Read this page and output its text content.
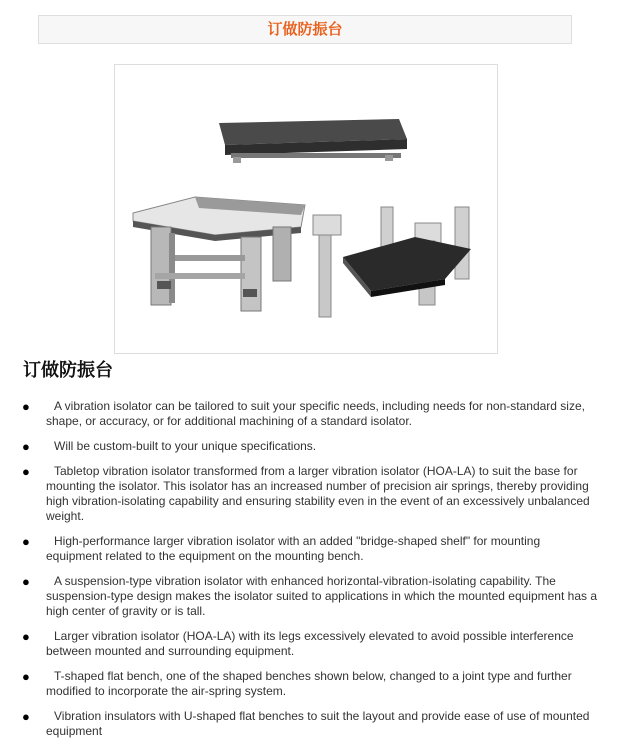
订做防振台
订做防振台
●	A vibration isolator can be tailored to suit your specific needs, including needs for non-standard size, shape, or accuracy, or for additional machining of a standard isolator.
●	Will be custom-built to your unique specifications.
●	Tabletop vibration isolator transformed from a larger vibration isolator (HOA-LA) to suit the base for mounting the isolator. This isolator has an increased number of precision air springs, thereby providing high vibration-isolating capability and ensuring stability even in the event of an excessively unbalanced weight.
●	High-performance larger vibration isolator with an added "bridge-shaped shelf" for mounting equipment related to the equipment on the mounting bench.
●	A suspension-type vibration isolator with enhanced horizontal-vibration-isolating capability. The suspension-type design makes the isolator suited to applications in which the mounted equipment has a high center of gravity or is tall.
●	Larger vibration isolator (HOA-LA) with its legs excessively elevated to avoid possible interference between mounted and surrounding equipment.
●	T-shaped flat bench, one of the shaped benches shown below, changed to a joint type and further modified to incorporate the air-spring system.
●	Vibration insulators with U-shaped flat benches to suit the layout and provide ease of use of mounted equipment
